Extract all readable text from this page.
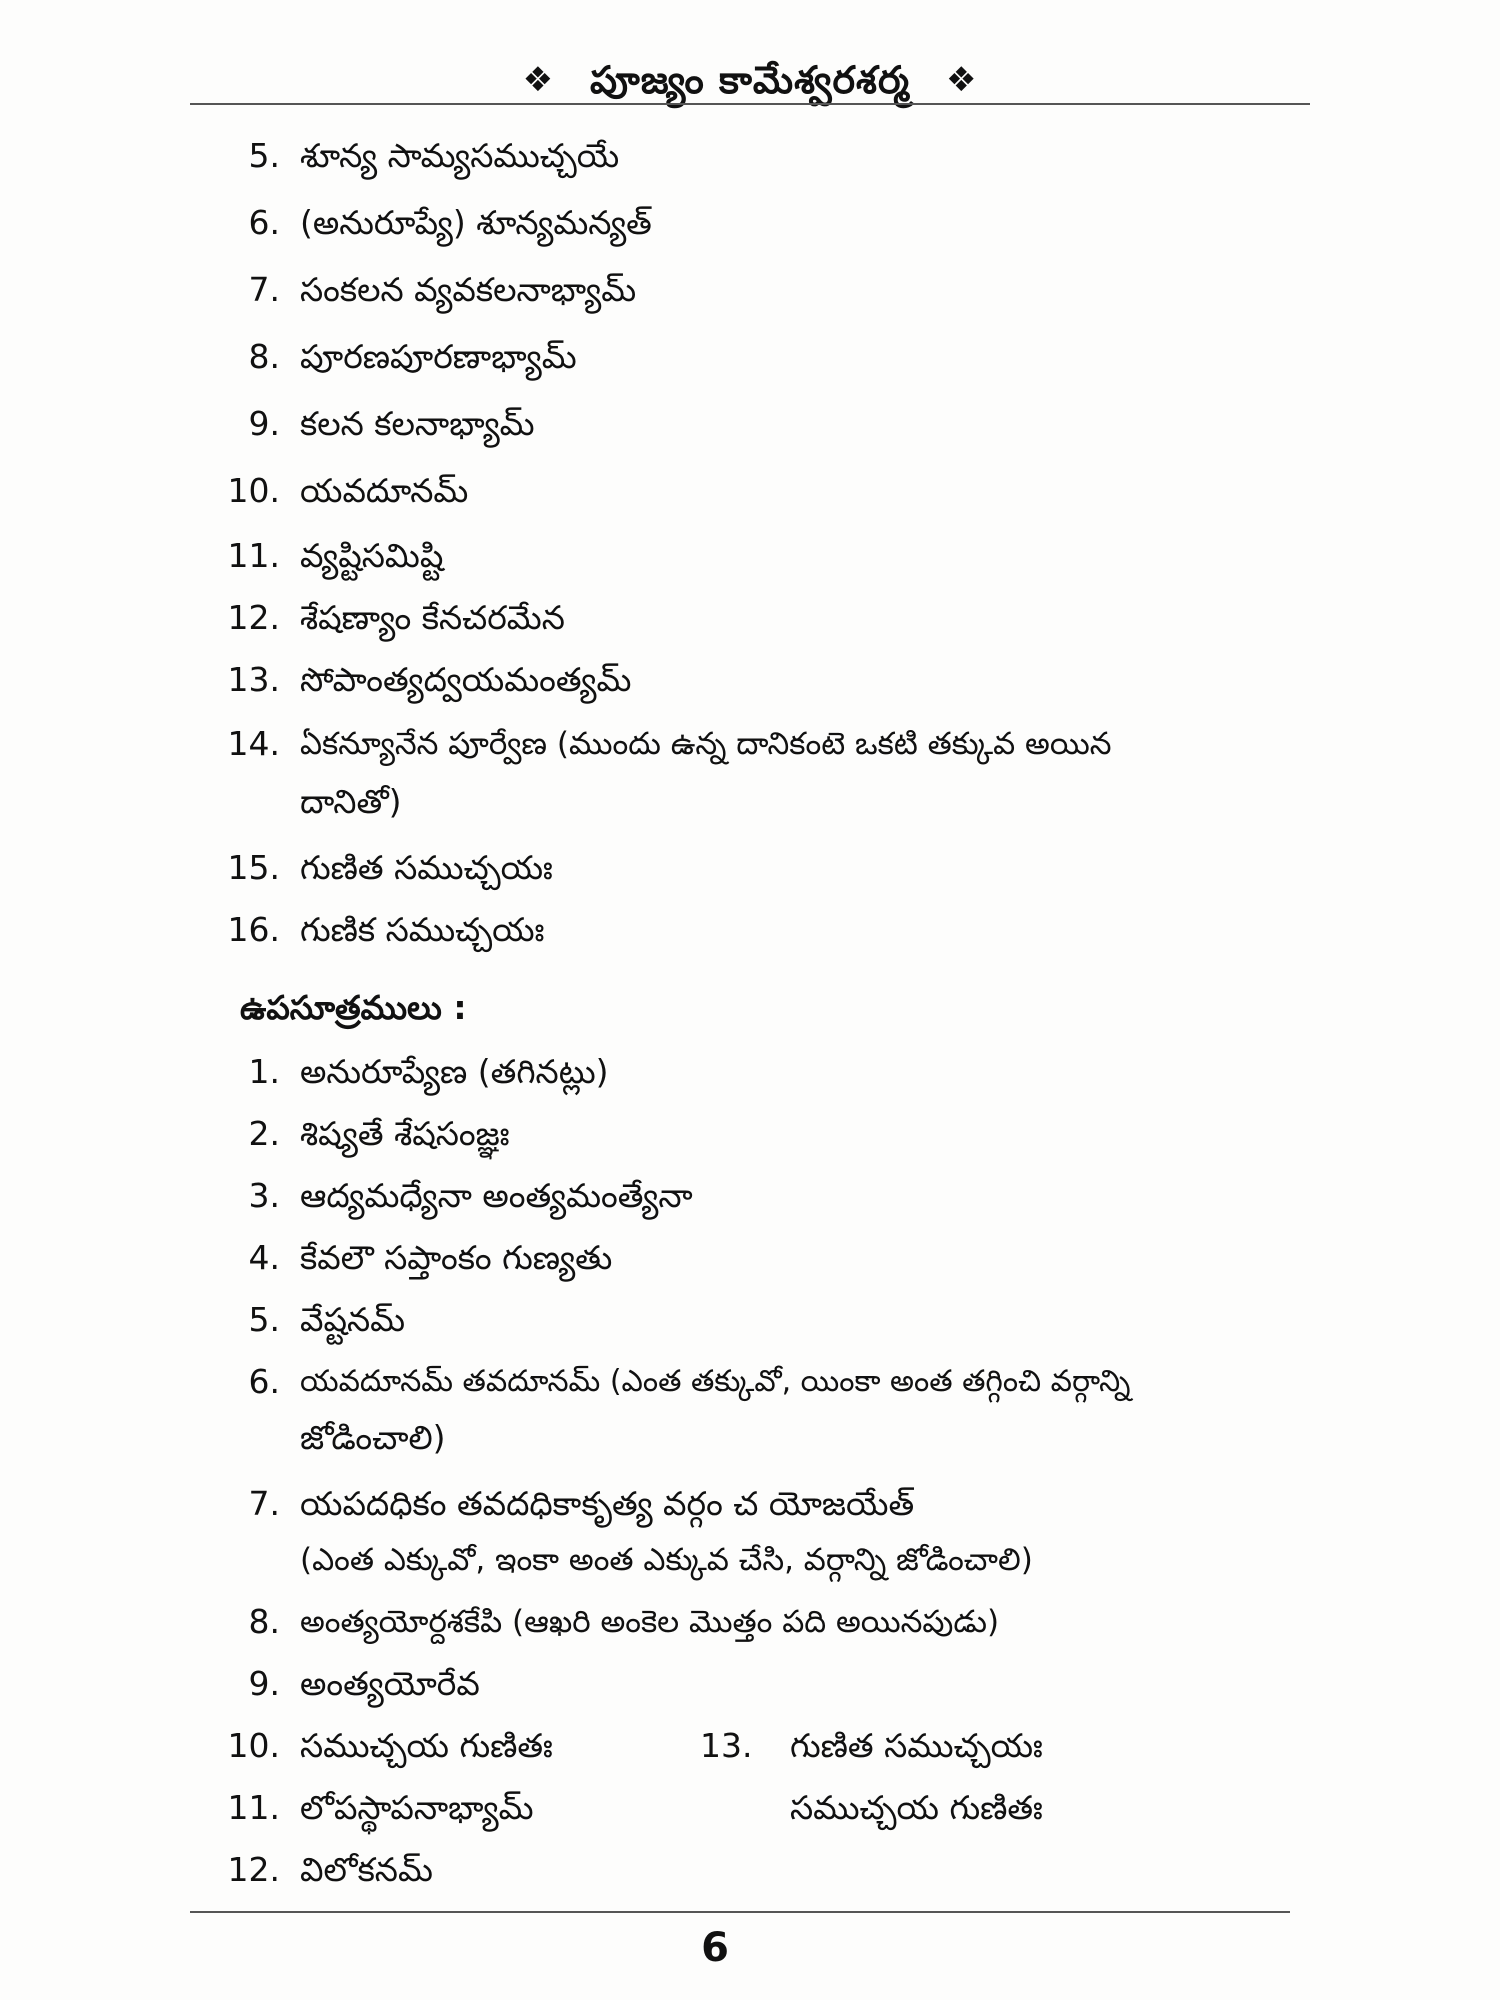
❖ పూజ్యం కామేశ్వరశర్మ ❖
5. శూన్య సామ్యసముచ్చయే
6. (అనురూప్యే) శూన్యమన్యత్
7. సంకలన వ్యవకలనాభ్యామ్
8. పూరణపూరణాభ్యామ్
9. కలన కలనాభ్యామ్
10. యవదూనమ్
11. వ్యష్టిసమిష్టి
12. శేషణ్యాం కేనచరమేన
13. సోపాంత్యద్వయమంత్యమ్
14. ఏకన్యూనేన పూర్వేణ (ముందు ఉన్న దానికంటె ఒకటి తక్కువ అయిన
దానితో)
15. గుణిత సముచ్చయః
16. గుణిక సముచ్చయః
ఉపసూత్రములు :
1. అనురూప్యేణ (తగినట్లు)
2. శిష్యతే శేషసంజ్ఞః
3. ఆద్యమధ్యేనా అంత్యమంత్యేనా
4. కేవలౌ సప్తాంకం గుణ్యతు
5. వేష్టనమ్
6. యవదూనమ్ తవదూనమ్ (ఎంత తక్కువో, యింకా అంత తగ్గించి వర్గాన్ని
జోడించాలి)
7. యపదధికం తవదధికాకృత్య వర్గం చ యోజయేత్
(ఎంత ఎక్కువో, ఇంకా అంత ఎక్కువ చేసి, వర్గాన్ని జోడించాలి)
8. అంత్యయోర్దశకేపి (ఆఖరి అంకెల మొత్తం పది అయినపుడు)
9. అంత్యయోరేవ
10. సముచ్చయ గుణితః
11. లోపస్థాపనాభ్యామ్
12. విలోకనమ్
13. గుణిత సముచ్చయః
సముచ్చయ గుణితః
6
